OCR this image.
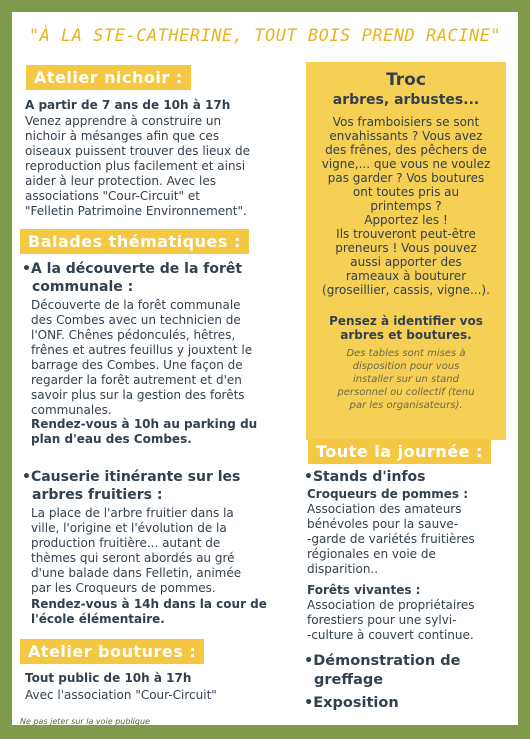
"À LA STE-CATHERINE, TOUT BOIS PREND RACINE"
Atelier nichoir :
A partir de 7 ans de 10h à 17h
Venez apprendre à construire un
nichoir à mésanges afin que ces
oiseaux puissent trouver des lieux de
reproduction plus facilement et ainsi
aider à leur protection. Avec les
associations "Cour-Circuit" et
"Felletin Patrimoine Environnement".
Balades thématiques :
•A la découverte de la forêt
communale :
Découverte de la forêt communale
des Combes avec un technicien de
l'ONF. Chênes pédonculés, hêtres,
frênes et autres feuillus y jouxtent le
barrage des Combes. Une façon de
regarder la forêt autrement et d'en
savoir plus sur la gestion des forêts
communales.
Rendez-vous à 10h au parking du
plan d'eau des Combes.
•Causerie itinérante sur les
arbres fruitiers :
La place de l'arbre fruitier dans la
ville, l'origine et l'évolution de la
production fruitière... autant de
thèmes qui seront abordés au gré
d'une balade dans Felletin, animée
par les Croqueurs de pommes.
Rendez-vous à 14h dans la cour de
l'école élémentaire.
Atelier boutures :
Tout public de 10h à 17h
Avec l'association "Cour-Circuit"
Ne pas jeter sur la voie publique
Troc
arbres, arbustes...
Vos framboisiers se sont
envahissants ? Vous avez
des frênes, des pêchers de
vigne,... que vous ne voulez
pas garder ? Vos boutures
ont toutes pris au
printemps ?
Apportez les !
Ils trouveront peut-être
preneurs ! Vous pouvez
aussi apporter des
rameaux à bouturer
(groseillier, cassis, vigne...).
Pensez à identifier vos
arbres et boutures.
Des tables sont mises à
disposition pour vous
installer sur un stand
personnel ou collectif (tenu
par les organisateurs).
Toute la journée :
•Stands d'infos
Croqueurs de pommes :
Association des amateurs
bénévoles pour la sauve-
-garde de variétés fruitières
régionales en voie de
disparition..
Forêts vivantes :
Association de propriétaires
forestiers pour une sylvi-
-culture à couvert continue.
•Démonstration de
greffage
•Exposition
